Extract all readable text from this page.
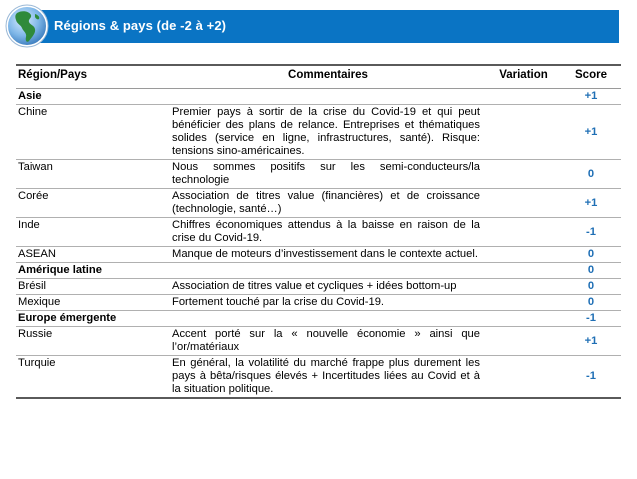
Régions & pays (de -2 à +2)
Région/Pays	Commentaires	Variation	Score
Asie			+1
Chine	Premier pays à sortir de la crise du Covid-19 et qui peut bénéficier des plans de relance. Entreprises et thématiques solides (service en ligne, infrastructures, santé). Risque: tensions sino-américaines.		+1
Taiwan	Nous sommes positifs sur les semi-conducteurs/la technologie		0
Corée	Association de titres value (financières) et de croissance (technologie, santé…)		+1
Inde	Chiffres économiques attendus à la baisse en raison de la crise du Covid-19.		-1
ASEAN	Manque de moteurs d’investissement dans le contexte actuel.		0
Amérique latine			0
Brésil	Association de titres value et cycliques + idées bottom-up		0
Mexique	Fortement touché par la crise du Covid-19.		0
Europe émergente			-1
Russie	Accent porté sur la « nouvelle économie » ainsi que l’or/matériaux		+1
Turquie	En général, la volatilité du marché frappe plus durement les pays à bêta/risques élevés + Incertitudes liées au Covid et à la situation politique.		-1
